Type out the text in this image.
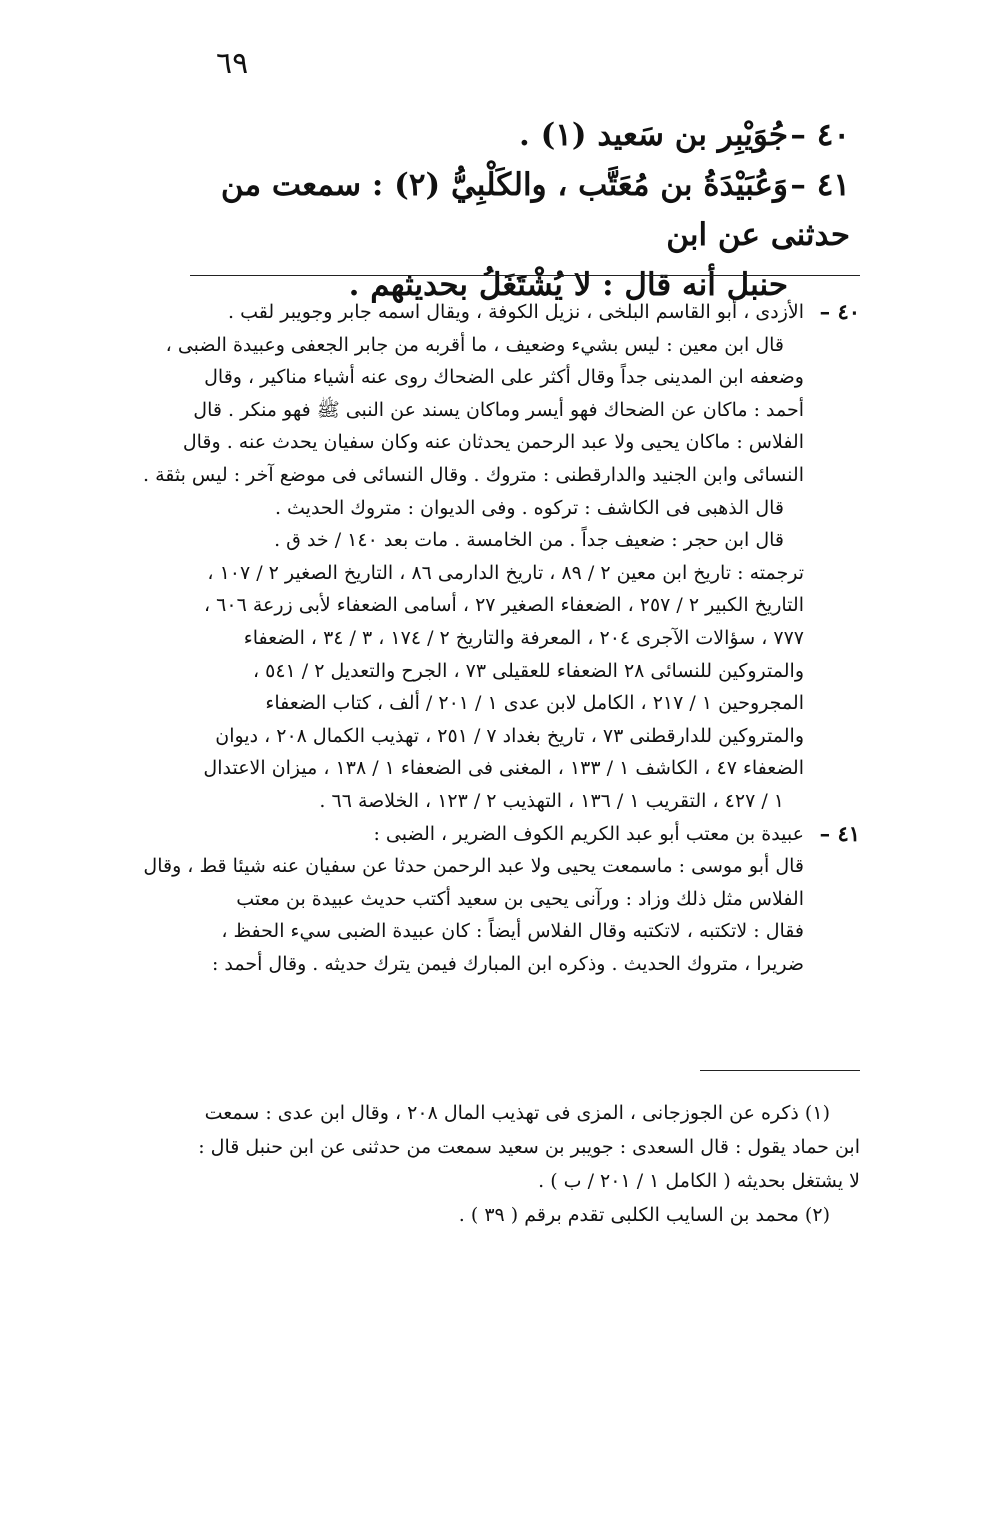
٦٩
٤٠ –جُوَيْبِر بن سَعيد (١) .
٤١ –وَعُبَيْدَةُ بن مُعَتَّب ، والكَلْبِيُّ (٢) : سمعت من حدثنى عن ابن
حنبل أنه قال : لا يُشْتَغَلُ بحديثهم .
٤٠ –
الأزدى ، أبو القاسم البلخى ، نزيل الكوفة ، ويقال اسمه جابر وجويبر لقب .
قال ابن معين : ليس بشيء وضعيف ، ما أقربه من جابر الجعفى وعبيدة الضبى ،
وضعفه ابن المدينى جداً وقال أكثر على الضحاك روى عنه أشياء مناكير ، وقال
أحمد : ماكان عن الضحاك فهو أيسر وماكان يسند عن النبى ﷺ فهو منكر . قال
الفلاس : ماكان يحيى ولا عبد الرحمن يحدثان عنه وكان سفيان يحدث عنه . وقال
النسائى وابن الجنيد والدارقطنى : متروك . وقال النسائى فى موضع آخر : ليس بثقة .
قال الذهبى فى الكاشف : تركوه . وفى الديوان : متروك الحديث .
قال ابن حجر : ضعيف جداً . من الخامسة . مات بعد ١٤٠ / خد ق .
ترجمته : تاريخ ابن معين ٢ / ٨٩ ، تاريخ الدارمى ٨٦ ، التاريخ الصغير ٢ / ١٠٧ ،
التاريخ الكبير ٢ / ٢٥٧ ، الضعفاء الصغير ٢٧ ، أسامى الضعفاء لأبى زرعة ٦٠٦ ،
٧٧٧ ، سؤالات الآجرى ٢٠٤ ، المعرفة والتاريخ ٢ / ١٧٤ ، ٣ / ٣٤ ، الضعفاء
والمتروكين للنسائى ٢٨ الضعفاء للعقيلى ٧٣ ، الجرح والتعديل ٢ / ٥٤١ ،
المجروحين ١ / ٢١٧ ، الكامل لابن عدى ١ / ٢٠١ / ألف ، كتاب الضعفاء
والمتروكين للدارقطنى ٧٣ ، تاريخ بغداد ٧ / ٢٥١ ، تهذيب الكمال ٢٠٨ ، ديوان
الضعفاء ٤٧ ، الكاشف ١ / ١٣٣ ، المغنى فى الضعفاء ١ / ١٣٨ ، ميزان الاعتدال
١ / ٤٢٧ ، التقريب ١ / ١٣٦ ، التهذيب ٢ / ١٢٣ ، الخلاصة ٦٦ .
٤١ –
عبيدة بن معتب أبو عبد الكريم الكوف الضرير ، الضبى :
قال أبو موسى : ماسمعت يحيى ولا عبد الرحمن حدثا عن سفيان عنه شيئا قط ، وقال
الفلاس مثل ذلك وزاد : ورآنى يحيى بن سعيد أكتب حديث عبيدة بن معتب
فقال : لاتكتبه ، لاتكتبه وقال الفلاس أيضاً : كان عبيدة الضبى سيء الحفظ ،
ضريرا ، متروك الحديث . وذكره ابن المبارك فيمن يترك حديثه . وقال أحمد :
(١) ذكره عن الجوزجانى ، المزى فى تهذيب المال ٢٠٨ ، وقال ابن عدى : سمعت
ابن حماد يقول : قال السعدى : جويبر بن سعيد سمعت من حدثنى عن ابن حنبل قال :
لا يشتغل بحديثه ( الكامل ١ / ٢٠١ / ب ) .
(٢) محمد بن السايب الكلبى تقدم برقم ( ٣٩ ) .
